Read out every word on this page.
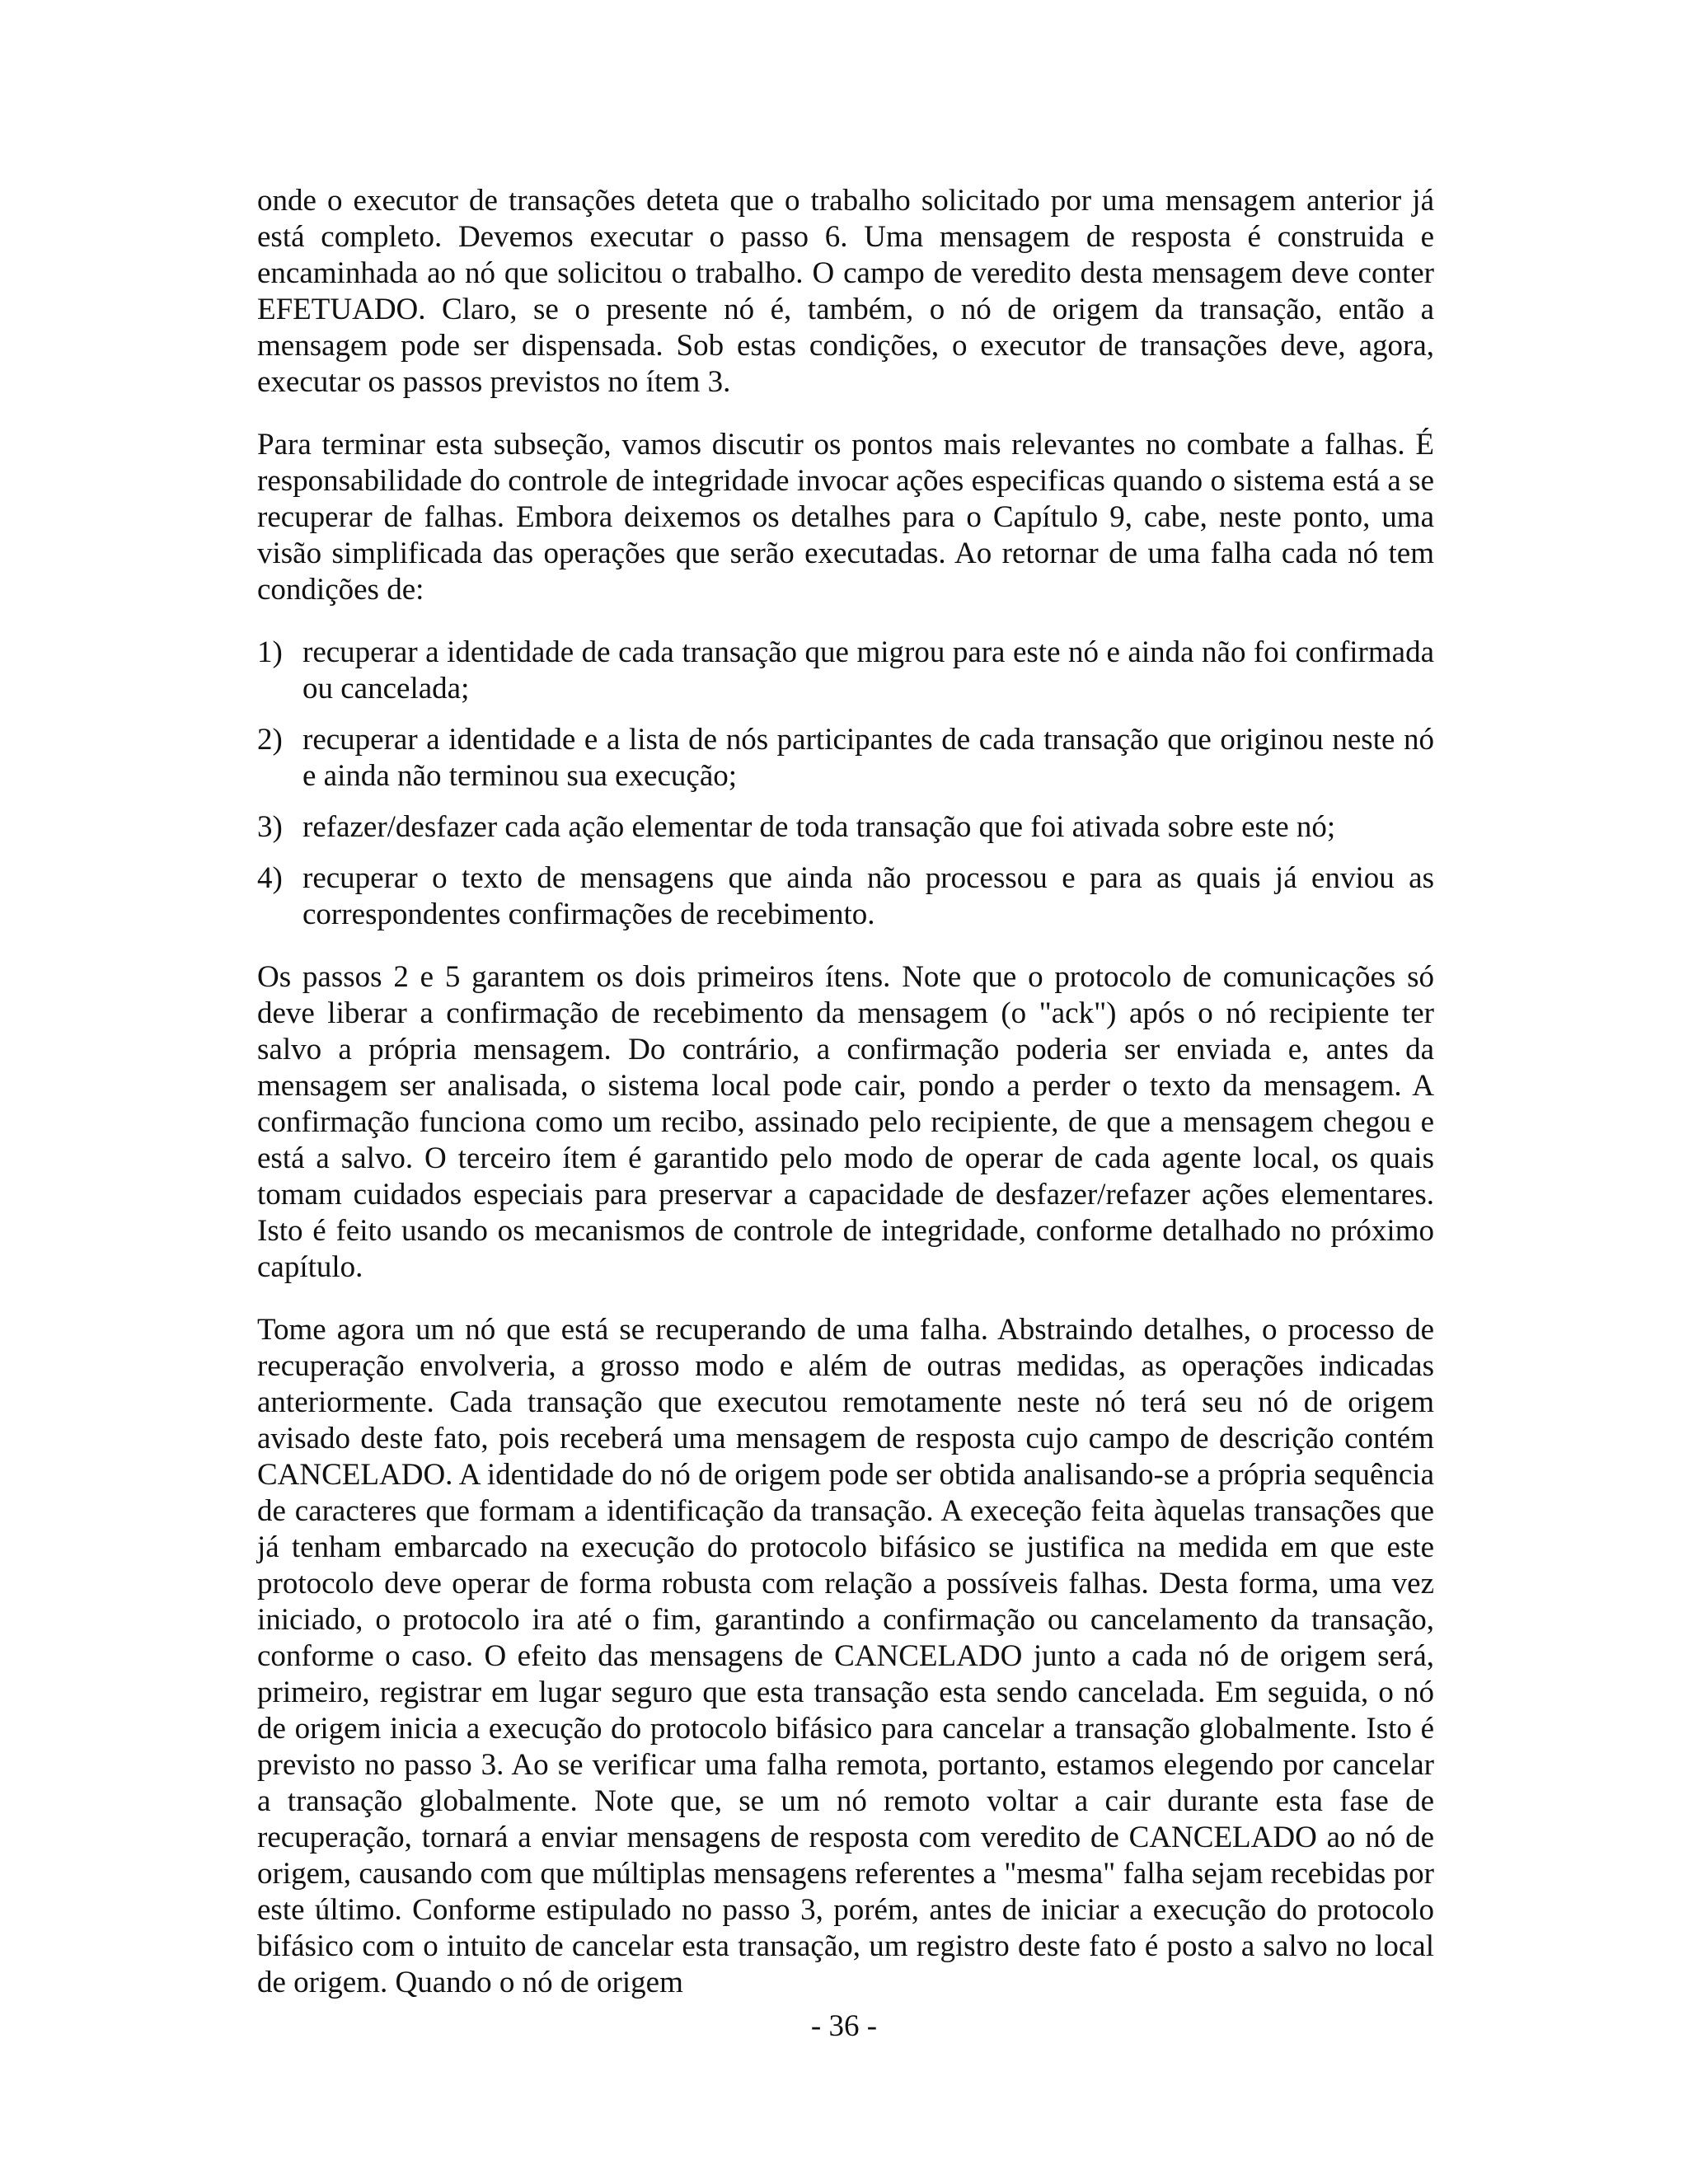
onde o executor de transações deteta que o trabalho solicitado por uma mensagem anterior já está completo. Devemos executar o passo 6. Uma mensagem de resposta é construida e encaminhada ao nó que solicitou o trabalho. O campo de veredito desta mensagem deve conter EFETUADO. Claro, se o presente nó é, também, o nó de origem da transação, então a mensagem pode ser dispensada. Sob estas condições, o executor de transações deve, agora, executar os passos previstos no ítem 3.

Para terminar esta subseção, vamos discutir os pontos mais relevantes no combate a falhas. É responsabilidade do controle de integridade invocar ações especificas quando o sistema está a se recuperar de falhas. Embora deixemos os detalhes para o Capítulo 9, cabe, neste ponto, uma visão simplificada das operações que serão executadas. Ao retornar de uma falha cada nó tem condições de:

1) recuperar a identidade de cada transação que migrou para este nó e ainda não foi confirmada ou cancelada;
2) recuperar a identidade e a lista de nós participantes de cada transação que originou neste nó e ainda não terminou sua execução;
3) refazer/desfazer cada ação elementar de toda transação que foi ativada sobre este nó;
4) recuperar o texto de mensagens que ainda não processou e para as quais já enviou as correspondentes confirmações de recebimento.

Os passos 2 e 5 garantem os dois primeiros ítens. Note que o protocolo de comunicações só deve liberar a confirmação de recebimento da mensagem (o "ack") após o nó recipiente ter salvo a própria mensagem. Do contrário, a confirmação poderia ser enviada e, antes da mensagem ser analisada, o sistema local pode cair, pondo a perder o texto da mensagem. A confirmação funciona como um recibo, assinado pelo recipiente, de que a mensagem chegou e está a salvo. O terceiro ítem é garantido pelo modo de operar de cada agente local, os quais tomam cuidados especiais para preservar a capacidade de desfazer/refazer ações elementares. Isto é feito usando os mecanismos de controle de integridade, conforme detalhado no próximo capítulo.

Tome agora um nó que está se recuperando de uma falha. Abstraindo detalhes, o processo de recuperação envolveria, a grosso modo e além de outras medidas, as operações indicadas anteriormente. Cada transação que executou remotamente neste nó terá seu nó de origem avisado deste fato, pois receberá uma mensagem de resposta cujo campo de descrição contém CANCELADO. A identidade do nó de origem pode ser obtida analisando-se a própria sequência de caracteres que formam a identificação da transação. A execeção feita àquelas transações que já tenham embarcado na execução do protocolo bifásico se justifica na medida em que este protocolo deve operar de forma robusta com relação a possíveis falhas. Desta forma, uma vez iniciado, o protocolo ira até o fim, garantindo a confirmação ou cancelamento da transação, conforme o caso. O efeito das mensagens de CANCELADO junto a cada nó de origem será, primeiro, registrar em lugar seguro que esta transação esta sendo cancelada. Em seguida, o nó de origem inicia a execução do protocolo bifásico para cancelar a transação globalmente. Isto é previsto no passo 3. Ao se verificar uma falha remota, portanto, estamos elegendo por cancelar a transação globalmente. Note que, se um nó remoto voltar a cair durante esta fase de recuperação, tornará a enviar mensagens de resposta com veredito de CANCELADO ao nó de origem, causando com que múltiplas mensagens referentes a "mesma" falha sejam recebidas por este último. Conforme estipulado no passo 3, porém, antes de iniciar a execução do protocolo bifásico com o intuito de cancelar esta transação, um registro deste fato é posto a salvo no local de origem. Quando o nó de origem

- 36 -
